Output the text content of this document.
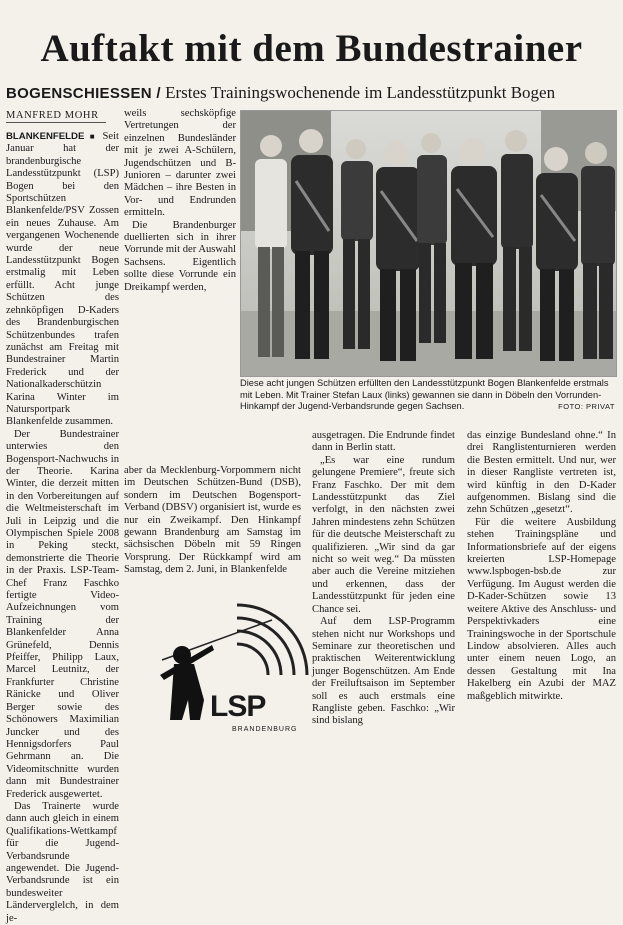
Auftakt mit dem Bundestrainer
BOGENSCHIESSEN / Erstes Trainingswochenende im Landesstützpunkt Bogen
MANFRED MOHR

BLANKENFELDE ■ Seit Januar hat der brandenburgische Landesstützpunkt (LSP) Bogen bei den Sportschützen Blankenfelde/PSV Zossen ein neues Zuhause. Am vergangenen Wochenende wurde der neue Landesstützpunkt Bogen erstmalig mit Leben erfüllt. Acht junge Schützen des zehnköpfigen D-Kaders des Brandenburgischen Schützenbundes trafen zunächst am Freitag mit Bundestrainer Martin Frederick und der Nationalkaderschützin Karina Winter im Natursportpark Blankenfelde zusammen.

Der Bundestrainer unterwies den Bogensport-Nachwuchs in der Theorie. Karina Winter, die derzeit mitten in den Vorbereitungen auf die Weltmeisterschaft im Juli in Leipzig und die Olympischen Spiele 2008 in Peking steckt, demonstrierte die Theorie in der Praxis. LSP-Team-Chef Franz Faschko fertigte Video-Aufzeichnungen vom Training der Blankenfelder Anna Grünefeld, Dennis Pfeiffer, Philipp Laux, Marcel Leutnitz, der Frankfurter Christine Ränicke und Oliver Berger sowie des Schönowers Maximilian Juncker und des Hennigsdorfers Paul Gehrmann an. Die Videomitschnitte wurden dann mit Bundestrainer Frederick ausgewertet.

Das Trainerte wurde dann auch gleich in einem Qualifikations-Wettkampf für die Jugend-Verbandsrunde angewendet. Die Jugend-Verbandsrunde ist ein bundesweiter Länderverglelch, in dem je-

weils sechsköpfige Vertretungen der einzelnen Bundesländer mit je zwei A-Schülern, Jugendschützen und B-Junioren – darunter zwei Mädchen – ihre Besten in Vor- und Endrunden ermitteln.

Die Brandenburger duellierten sich in ihrer Vorrunde mit der Auswahl Sachsens. Eigentlich sollte diese Vorrunde ein Dreikampf werden,

aber da Mecklenburg-Vorpommern nicht im Deutschen Schützen-Bund (DSB), sondern im Deutschen Bogensport-Verband (DBSV) organisiert ist, wurde es nur ein Zweikampf. Den Hinkampf gewann Brandenburg am Samstag im sächsischen Döbeln mit 59 Ringen Vorsprung. Der Rückkampf wird am Samstag, dem 2. Juni, in Blankenfelde

ausgetragen. Die Endrunde findet dann in Berlin statt.

„Es war eine rundum gelungene Premiere“, freute sich Franz Faschko. Der mit dem Landesstützpunkt das Ziel verfolgt, in den nächsten zwei Jahren mindestens zehn Schützen für die deutsche Meisterschaft zu qualifizieren. „Wir sind da gar nicht so weit weg.“ Da müssten aber auch die Vereine mitziehen und erkennen, dass der Landesstützpunkt für jeden eine Chance sei.

Auf dem LSP-Programm stehen nicht nur Workshops und Seminare zur theoretischen und praktischen Weiterentwicklung junger Bogenschützen. Am Ende der Freiluftsaison im September soll es auch erstmals eine Rangliste geben. Faschko: „Wir sind bislang

das einzige Bundesland ohne.“ In drei Ranglistenturnieren werden die Besten ermittelt. Und nur, wer in dieser Rangliste vertreten ist, wird künftig in den D-Kader aufgenommen. Bislang sind die zehn Schützen „gesetzt“.

Für die weitere Ausbildung stehen Trainingspläne und Informationsbriefe auf der eigens kreierten LSP-Homepage www.lspbogen-bsb.de zur Verfügung. Im August werden die D-Kader-Schützen sowie 13 weitere Aktive des Anschluss- und Perspektivkaders eine Trainingswoche in der Sportschule Lindow absolvieren. Alles auch unter einem neuen Logo, an dessen Gestaltung mit Ina Hakelberg ein Azubi der MAZ maßgeblich mitwirkte.

Diese acht jungen Schützen erfüllten den Landesstützpunkt Bogen Blankenfelde erstmals mit Leben. Mit Trainer Stefan Laux (links) gewannen sie dann in Döbeln den Vorrunden-Hinkampf der Jugend-Verbandsrunde gegen Sachsen.	FOTO: PRIVAT
LSP
BRANDENBURG
